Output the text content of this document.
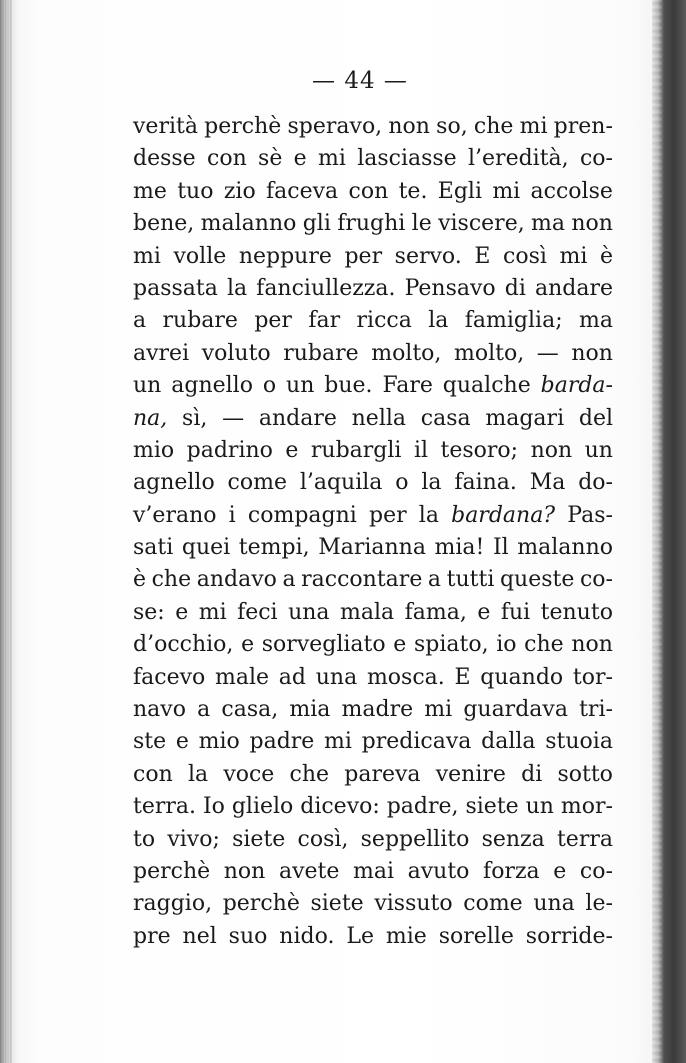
— 44 —
verità perchè speravo, non so, che mi pren-
desse con sè e mi lasciasse l’eredità, co-
me tuo zio faceva con te. Egli mi accolse
bene, malanno gli frughi le viscere, ma non
mi volle neppure per servo. E così mi è
passata la fanciullezza. Pensavo di andare
a rubare per far ricca la famiglia; ma
avrei voluto rubare molto, molto, — non
un agnello o un bue. Fare qualche barda-
na, sì, — andare nella casa magari del
mio padrino e rubargli il tesoro; non un
agnello come l’aquila o la faina. Ma do-
v’erano i compagni per la bardana? Pas-
sati quei tempi, Marianna mia! Il malanno
è che andavo a raccontare a tutti queste co-
se: e mi feci una mala fama, e fui tenuto
d’occhio, e sorvegliato e spiato, io che non
facevo male ad una mosca. E quando tor-
navo a casa, mia madre mi guardava tri-
ste e mio padre mi predicava dalla stuoia
con la voce che pareva venire di sotto
terra. Io glielo dicevo: padre, siete un mor-
to vivo; siete così, seppellito senza terra
perchè non avete mai avuto forza e co-
raggio, perchè siete vissuto come una le-
pre nel suo nido. Le mie sorelle sorride-
